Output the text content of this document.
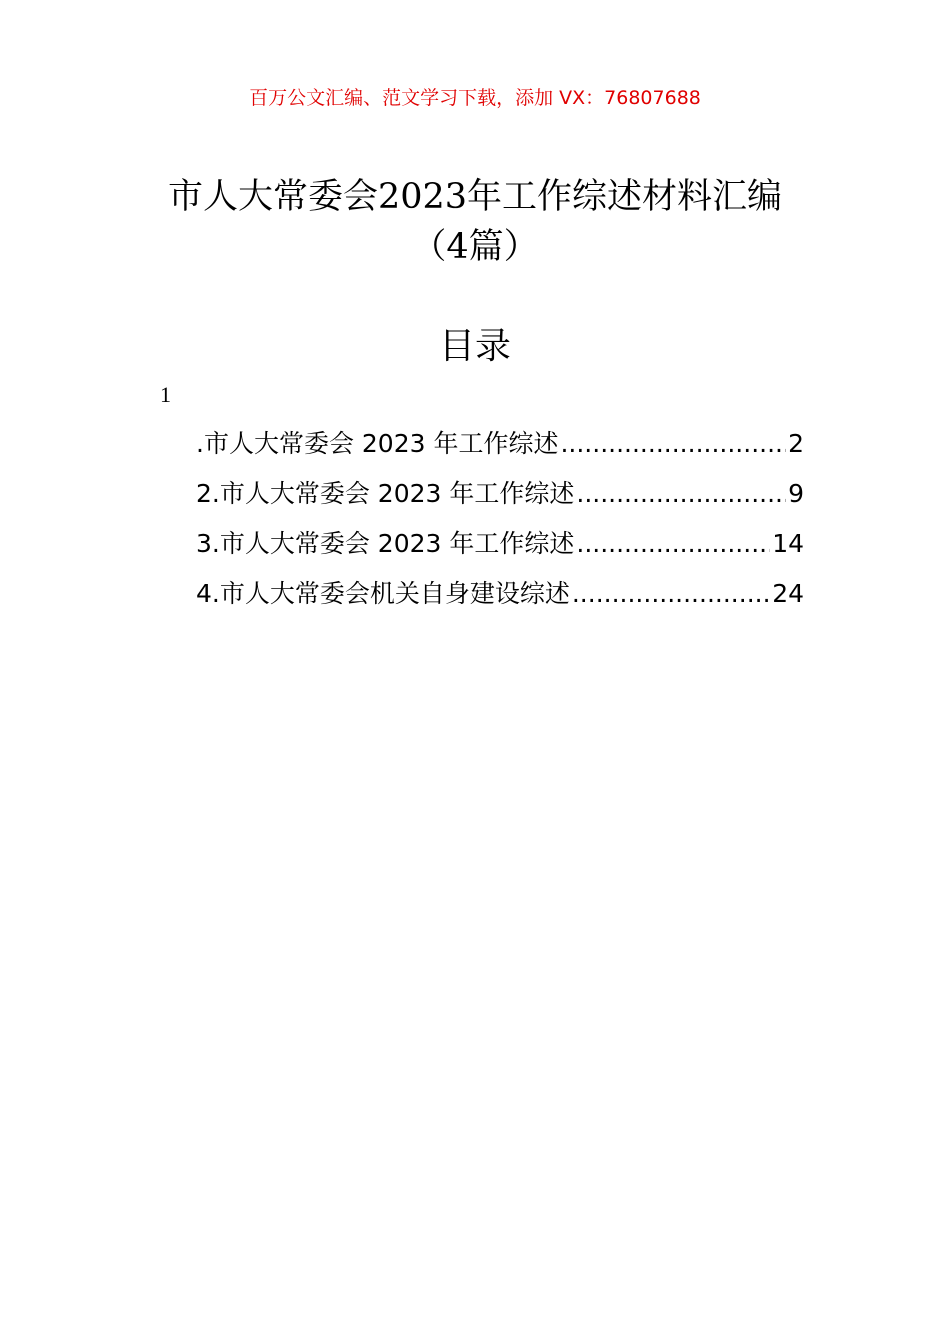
百万公文汇编、范文学习下载，添加 VX：76807688
市人大常委会2023年工作综述材料汇编
（4篇）
目录
1
.市人大常委会 2023 年工作综述 .....	2
2.市人大常委会 2023 年工作综述 .....	9
3.市人大常委会 2023 年工作综述 .....	14
4.市人大常委会机关自身建设综述 .....	24
